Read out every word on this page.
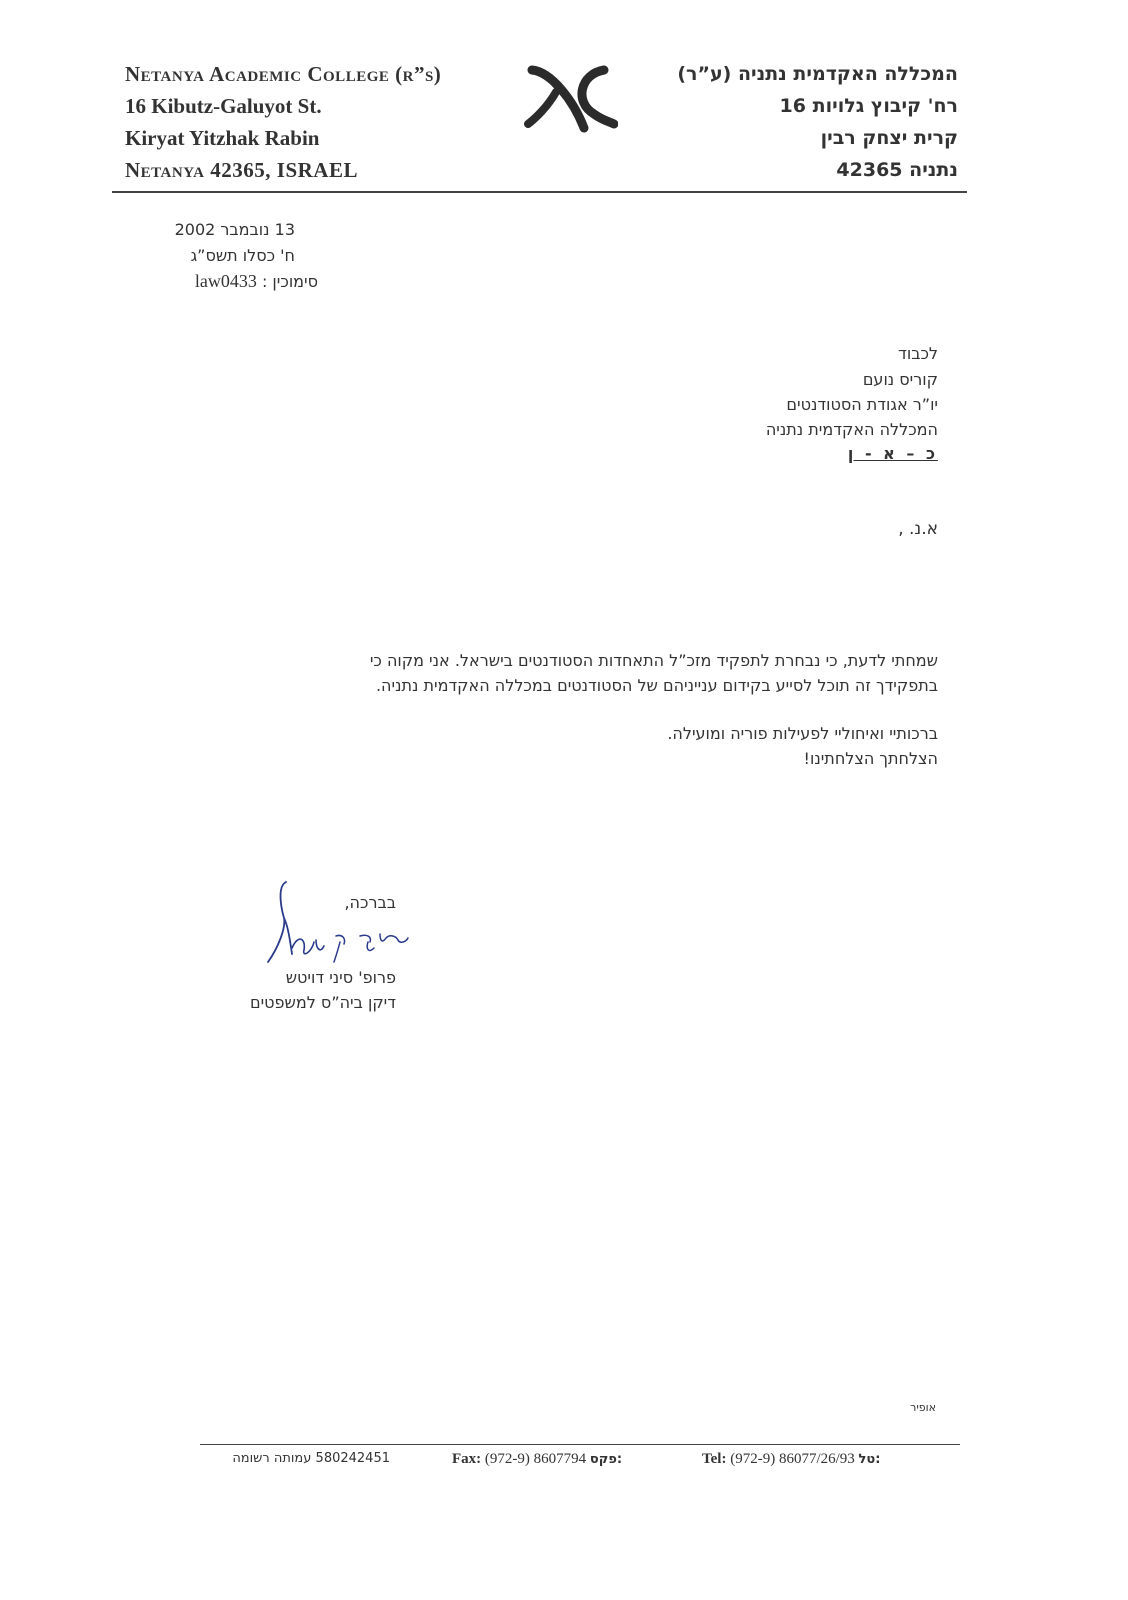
Netanya Academic College (r”s)
16 Kibutz-Galuyot St.
Kiryat Yitzhak Rabin
Netanya 42365, ISRAEL
המכללה האקדמית נתניה (ע”ר)
רח' קיבוץ גלויות 16
קרית יצחק רבין
נתניה 42365
13 נובמבר 2002
ח' כסלו תשס”ג
סימוכין : law0433
לכבוד
קוריס נועם
יו”ר אגודת הסטודנטים
המכללה האקדמית נתניה
כ – א - ן
א.נ. ,
שמחתי לדעת, כי נבחרת לתפקיד מזכ”ל התאחדות הסטודנטים בישראל. אני מקוה כי
בתפקידך זה תוכל לסייע בקידום ענייניהם של הסטודנטים במכללה האקדמית נתניה.
ברכותיי ואיחוליי לפעילות פוריה ומועילה.
הצלחתך הצלחתינו!
בברכה,
פרופ' סיני דויטש
דיקן ביה”ס למשפטים
אופיר
580242451 עמותה רשומה	Fax: (972-9) 8607794 פקס:	Tel: (972-9) 86077/26/93 טל:
